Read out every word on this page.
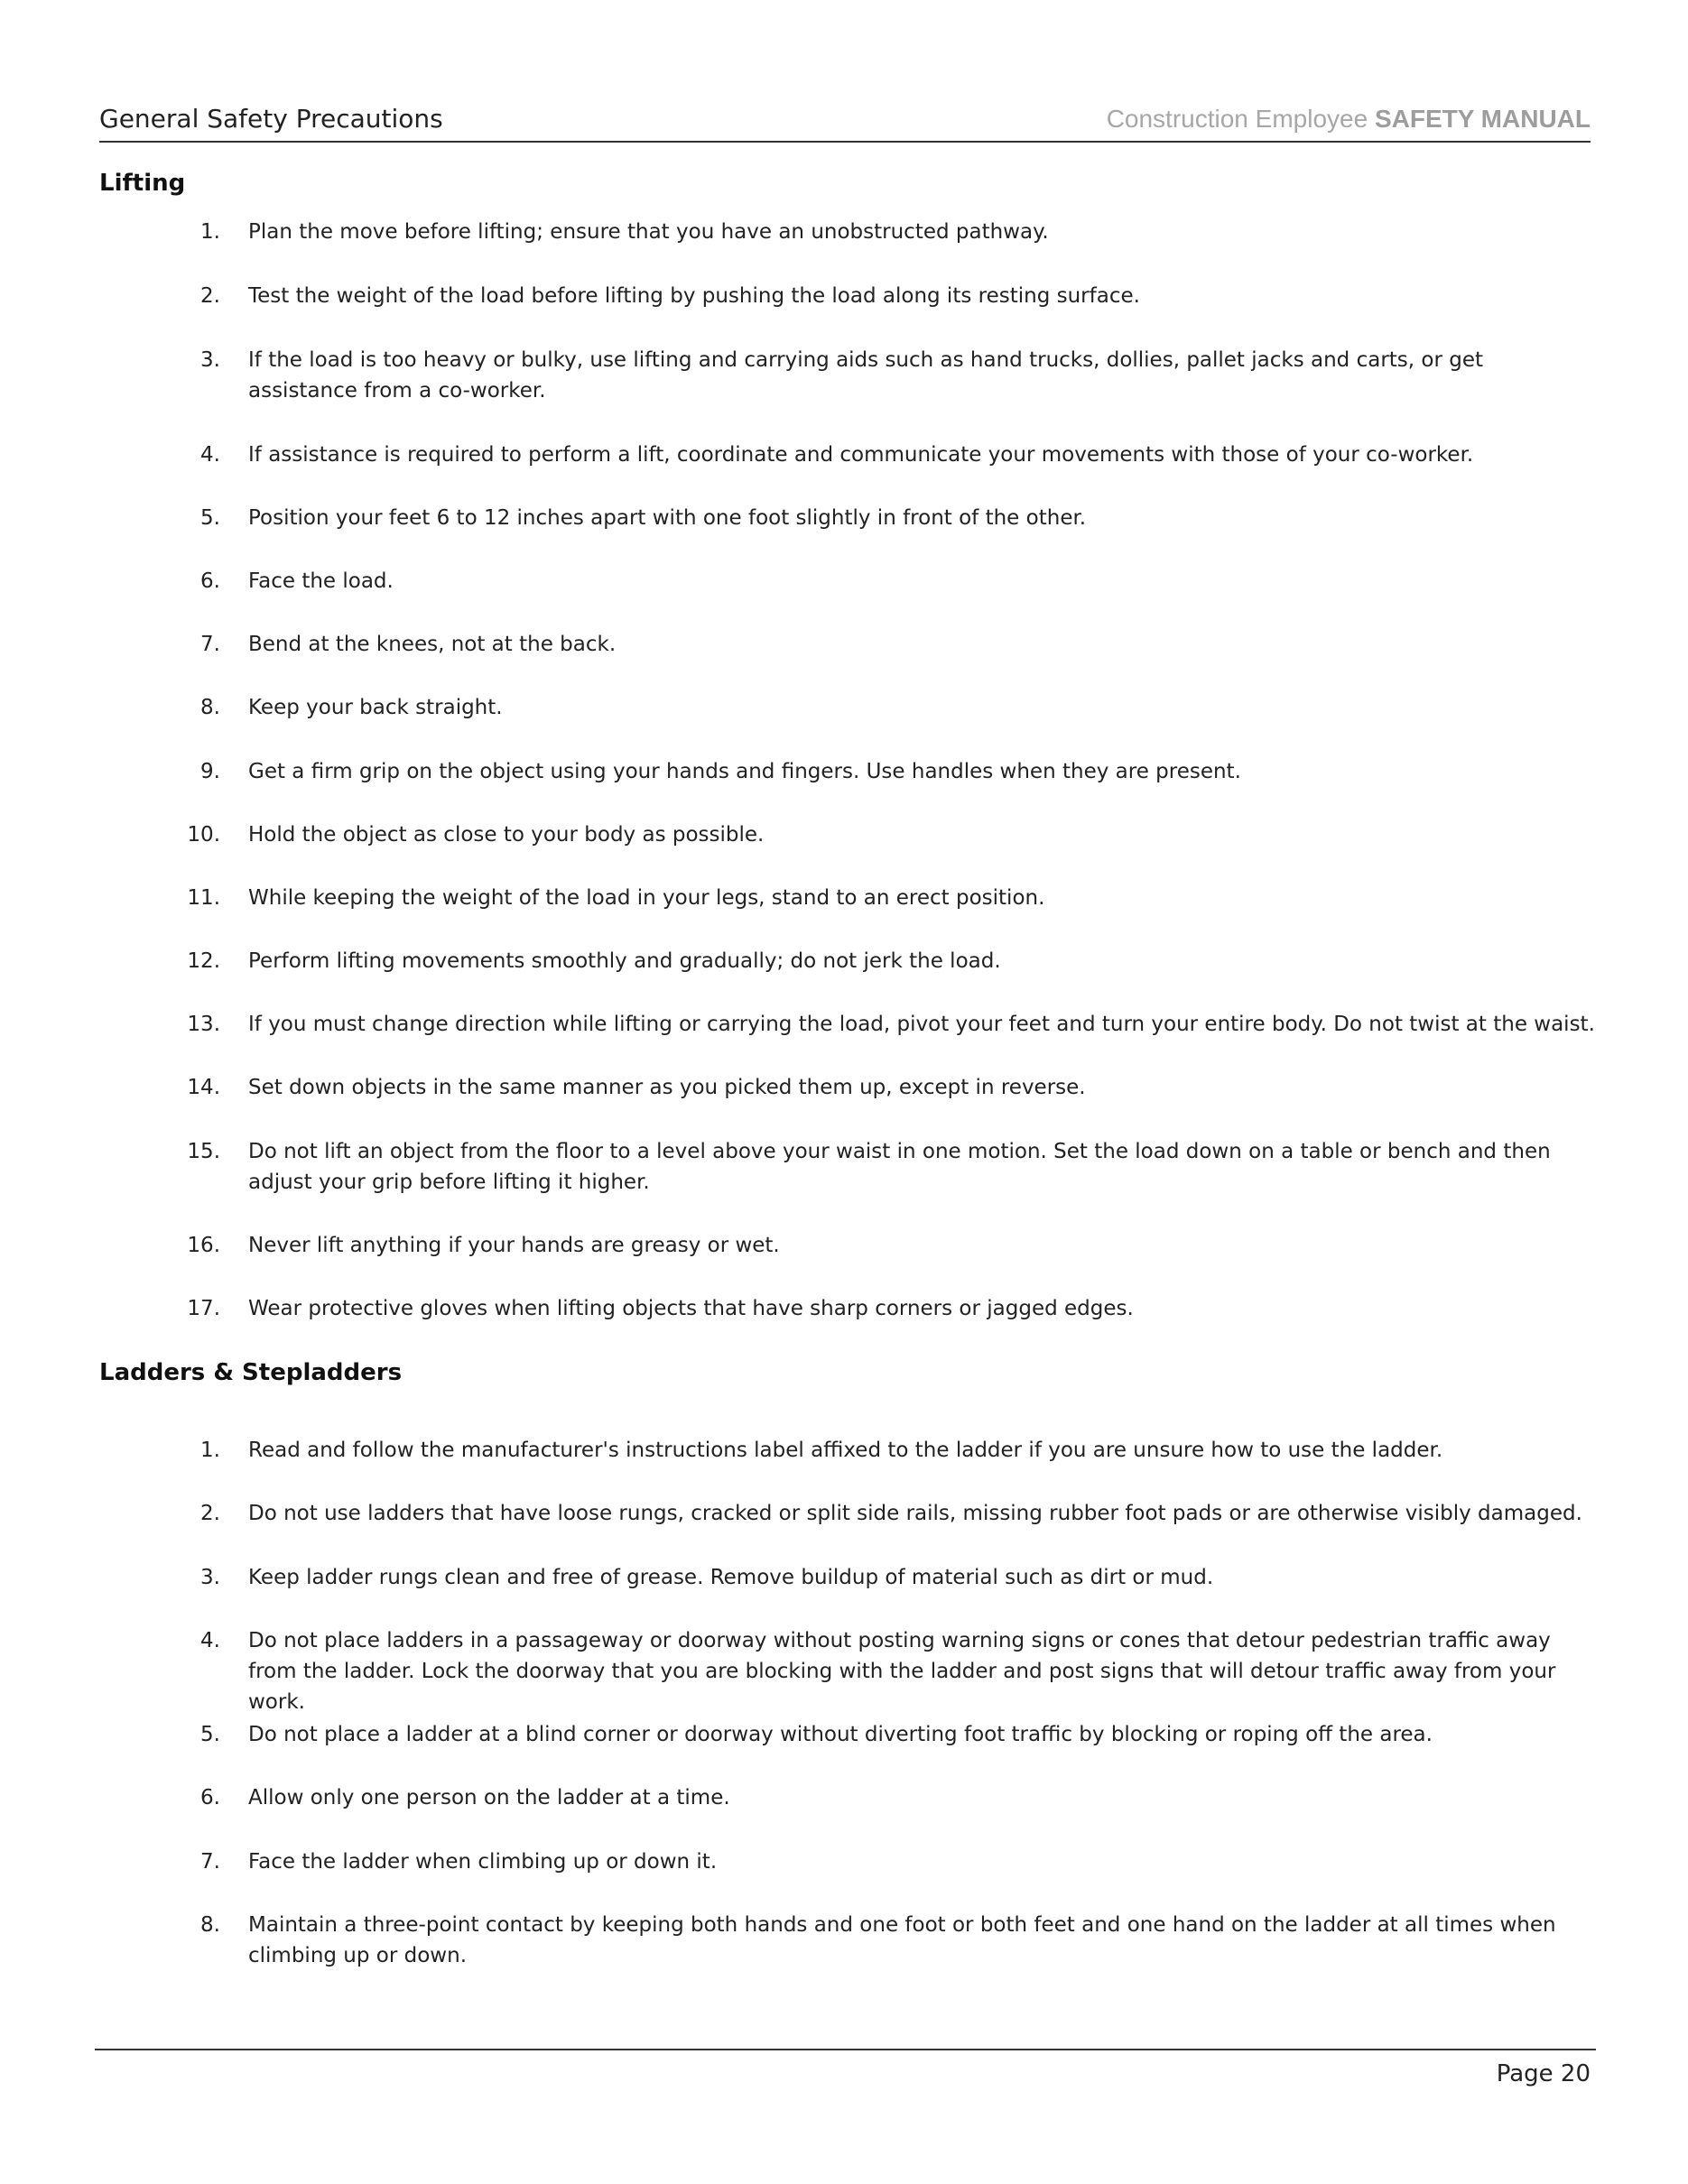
General Safety Precautions	Construction Employee SAFETY MANUAL
Lifting
1. Plan the move before lifting; ensure that you have an unobstructed pathway.
2. Test the weight of the load before lifting by pushing the load along its resting surface.
3. If the load is too heavy or bulky, use lifting and carrying aids such as hand trucks, dollies, pallet jacks and carts, or get assistance from a co-worker.
4. If assistance is required to perform a lift, coordinate and communicate your movements with those of your co-worker.
5. Position your feet 6 to 12 inches apart with one foot slightly in front of the other.
6. Face the load.
7. Bend at the knees, not at the back.
8. Keep your back straight.
9. Get a firm grip on the object using your hands and fingers. Use handles when they are present.
10. Hold the object as close to your body as possible.
11. While keeping the weight of the load in your legs, stand to an erect position.
12. Perform lifting movements smoothly and gradually; do not jerk the load.
13. If you must change direction while lifting or carrying the load, pivot your feet and turn your entire body. Do not twist at the waist.
14. Set down objects in the same manner as you picked them up, except in reverse.
15. Do not lift an object from the floor to a level above your waist in one motion. Set the load down on a table or bench and then adjust your grip before lifting it higher.
16. Never lift anything if your hands are greasy or wet.
17. Wear protective gloves when lifting objects that have sharp corners or jagged edges.
Ladders & Stepladders
1. Read and follow the manufacturer's instructions label affixed to the ladder if you are unsure how to use the ladder.
2. Do not use ladders that have loose rungs, cracked or split side rails, missing rubber foot pads or are otherwise visibly damaged.
3. Keep ladder rungs clean and free of grease. Remove buildup of material such as dirt or mud.
4. Do not place ladders in a passageway or doorway without posting warning signs or cones that detour pedestrian traffic away from the ladder. Lock the doorway that you are blocking with the ladder and post signs that will detour traffic away from your work.
5. Do not place a ladder at a blind corner or doorway without diverting foot traffic by blocking or roping off the area.
6. Allow only one person on the ladder at a time.
7. Face the ladder when climbing up or down it.
8. Maintain a three-point contact by keeping both hands and one foot or both feet and one hand on the ladder at all times when climbing up or down.
Page 20
